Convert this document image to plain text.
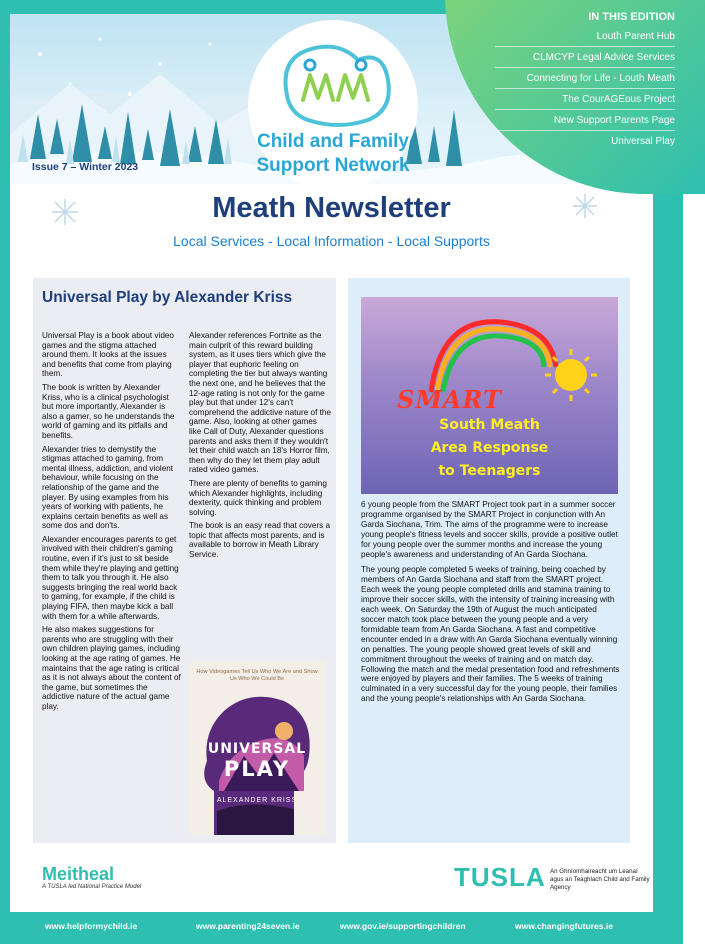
Issue 7 – Winter 2023
Child and Family
Support Network
IN THIS EDITION
Louth Parent Hub
CLMCYP Legal Advice Services
Connecting for Life - Louth Meath
The CourAGEous Project
New Support Parents Page
Universal Play
Meath Newsletter
Local Services - Local Information - Local Supports
Universal Play by Alexander Kriss

Universal Play is a book about video games and the stigma attached around them. It looks at the issues and benefits that come from playing them.

The book is written by Alexander Kriss, who is a clinical psychologist but more importantly, Alexander is also a gamer, so he understands the world of gaming and its pitfalls and benefits.

Alexander tries to demystify the stigmas attached to gaming, from mental illness, addiction, and violent behaviour, while focusing on the relationship of the game and the player. By using examples from his years of working with patients, he explains certain benefits as well as some dos and don'ts.

Alexander encourages parents to get involved with their children's gaming routine, even if it's just to sit beside them while they're playing and getting them to talk you through it. He also suggests bringing the real world back to gaming, for example, if the child is playing FIFA, then maybe kick a ball with them for a while afterwards.

He also makes suggestions for parents who are struggling with their own children playing games, including looking at the age rating of games. He maintains that the age rating is critical as it is not always about the content of the game, but sometimes the addictive nature of the actual game play.

Alexander references Fortnite as the main culprit of this reward building system, as it uses tiers which give the player that euphoric feeling on completing the tier but always wanting the next one, and he believes that the 12-age rating is not only for the game play but that under 12's can't comprehend the addictive nature of the game. Also, looking at other games like Call of Duty, Alexander questions parents and asks them if they wouldn't let their child watch an 18's Horror film, then why do they let them play adult rated video games.

There are plenty of benefits to gaming which Alexander highlights, including dexterity, quick thinking and problem solving.

The book is an easy read that covers a topic that affects most parents, and is available to borrow in Meath Library Service.

How Videogames Tell Us Who We Are and Show Us Who We Could Be
UNIVERSAL
PLAY
ALEXANDER KRISS
SMART
South Meath
Area Response
to Teenagers

6 young people from the SMART Project took part in a summer soccer programme organised by the SMART Project in conjunction with An Garda Siochana, Trim. The aims of the programme were to increase young people's fitness levels and soccer skills, provide a positive outlet for young people over the summer months and increase the young people's awareness and understanding of An Garda Siochana.

The young people completed 5 weeks of training, being coached by members of An Garda Siochana and staff from the SMART project. Each week the young people completed drills and stamina training to improve their soccer skills, with the intensity of training increasing with each week. On Saturday the 19th of August the much anticipated soccer match took place between the young people and a very formidable team from An Garda Siochana. A fast and competitive encounter ended in a draw with An Garda Siochana eventually winning on penalties. The young people showed great levels of skill and commitment throughout the weeks of training and on match day. Following the match and the medal presentation food and refreshments were enjoyed by players and their families. The 5 weeks of training culminated in a very successful day for the young people, their families and the young people's relationships with An Garda Siochana.

Meitheal
A TUSLA led National Practice Model	TUSLA An Ghníomhaireacht um Leanaí agus an Teaghlach Child and Family Agency
www.helpformychild.ie	www.parenting24seven.ie	www.gov.ie/supportingchildren	www.changingfutures.ie
